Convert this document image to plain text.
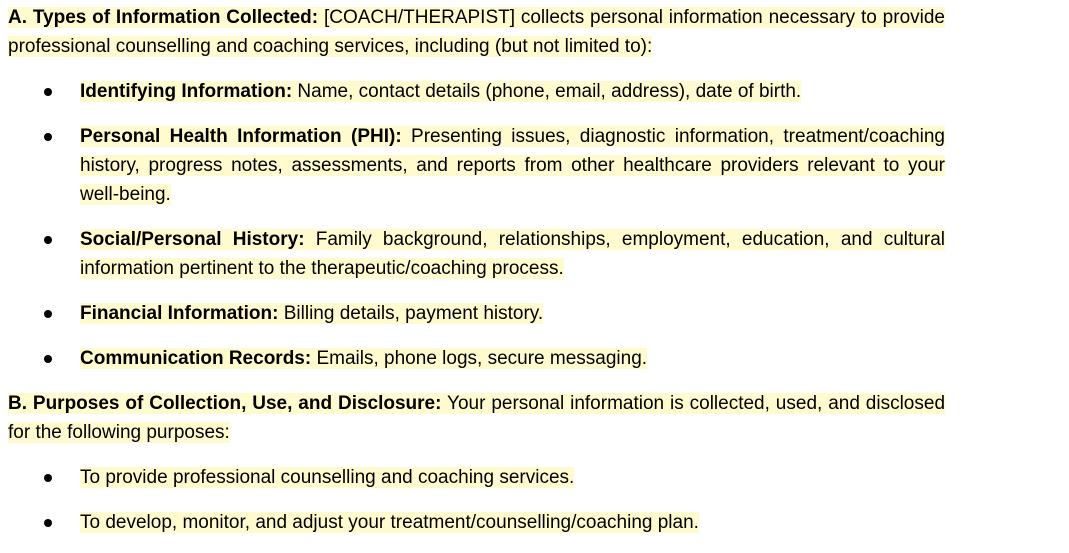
A. Types of Information Collected: [COACH/THERAPIST] collects personal information necessary to provide professional counselling and coaching services, including (but not limited to):

Identifying Information: Name, contact details (phone, email, address), date of birth.
Personal Health Information (PHI): Presenting issues, diagnostic information, treatment/coaching history, progress notes, assessments, and reports from other healthcare providers relevant to your well-being.
Social/Personal History: Family background, relationships, employment, education, and cultural information pertinent to the therapeutic/coaching process.
Financial Information: Billing details, payment history.
Communication Records: Emails, phone logs, secure messaging.

B. Purposes of Collection, Use, and Disclosure: Your personal information is collected, used, and disclosed for the following purposes:

To provide professional counselling and coaching services.
To develop, monitor, and adjust your treatment/counselling/coaching plan.
